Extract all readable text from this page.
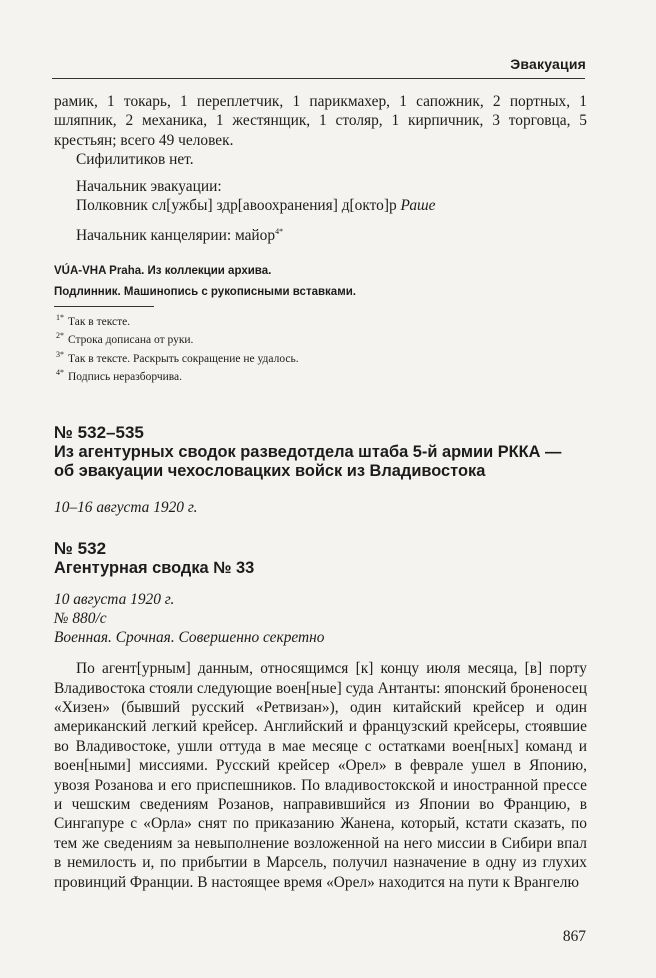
Эвакуация

рамик, 1 токарь, 1 переплетчик, 1 парикмахер, 1 сапожник, 2 портных, 1 шляпник, 2 механика, 1 жестянщик, 1 столяр, 1 кирпичник, 3 торговца, 5 крестьян; всего 49 человек.

Сифилитиков нет.

Начальник эвакуации:

Полковник сл[ужбы] здр[авоохранения] д[окто]р Раше

Начальник канцелярии: майор$^{4*}$

VÚA-VHA Praha. Из коллекции архива.

Подлинник. Машинопись с рукописными вставками.

$^{1*}$ Так в тексте.

$^{2*}$ Строка дописана от руки.

$^{3*}$ Так в тексте. Раскрыть сокращение не удалось.

$^{4*}$ Подпись неразборчива.

№ 532–535

Из агентурных сводок разведотдела штаба 5-й армии РККА —

об эвакуации чехословацких войск из Владивостока

10–16 августа 1920 г.

№ 532

Агентурная сводка № 33

10 августа 1920 г.

№ 880/с

Военная. Срочная. Совершенно секретно

По агент[урным] данным, относящимся [к] концу июля месяца, [в] порту Владивостока стояли следующие воен[ные] суда Антанты: японский броненосец «Хизен» (бывший русский «Ретвизан»), один китайский крейсер и один американский легкий крейсер. Английский и французский крейсеры, стоявшие во Владивостоке, ушли оттуда в мае месяце с остатками воен[ных] команд и воен[ными] миссиями. Русский крейсер «Орел» в феврале ушел в Японию, увозя Розанова и его приспешников. По владивостокской и иностранной прессе и чешским сведениям Розанов, направившийся из Японии во Францию, в Сингапуре с «Орла» снят по приказанию Жанена, который, кстати сказать, по тем же сведениям за невыполнение возложенной на него миссии в Сибири впал в немилость и, по прибытии в Марсель, получил назначение в одну из глухих провинций Франции. В настоящее время «Орел» находится на пути к Врангелю

867
